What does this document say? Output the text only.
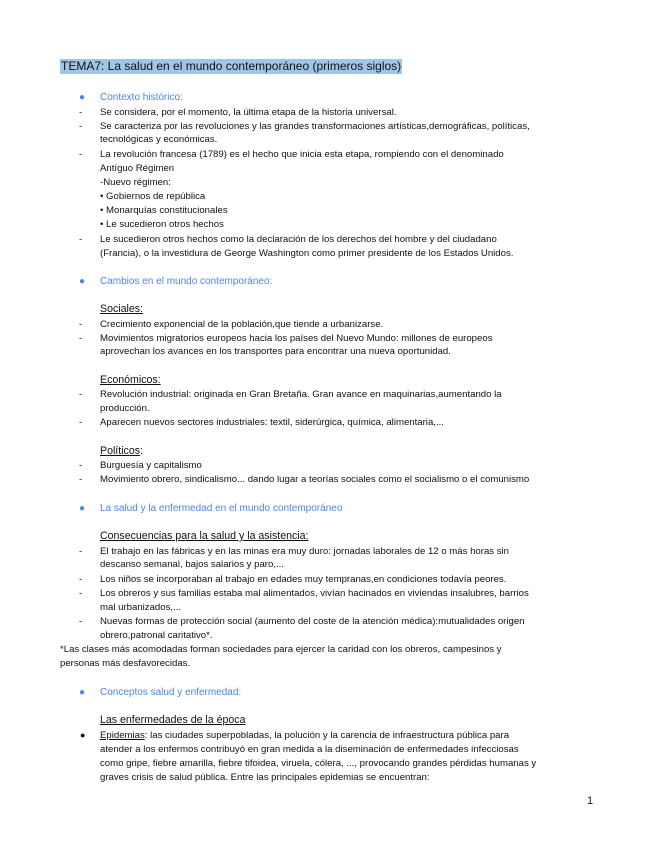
TEMA7: La salud en el mundo contemporáneo (primeros siglos)
● Contexto histórico:
- Se considera, por el momento, la última etapa de la historia universal.
- Se caracteriza por las revoluciones y las grandes transformaciones artísticas,demográficas, políticas,
tecnológicas y económicas.
- La revolución francesa (1789) es el hecho que inicia esta etapa, rompiendo con el denominado
Antíguo Régimen
-Nuevo régimen:
• Gobiernos de república
• Monarquías constitucionales
• Le sucedieron otros hechos
- Le sucedieron otros hechos como la declaración de los derechos del hombre y del ciudadano
(Francia), o la investidura de George Washington como primer presidente de los Estados Unidos.
● Cambios en el mundo contemporáneo:
Sociales:
- Crecimiento exponencial de la población,que tiende a urbanizarse.
- Movimientos migratorios europeos hacia los países del Nuevo Mundo: millones de europeos
aprovechan los avances en los transportes para encontrar una nueva oportunidad.
Económicos:
- Revolución industrial: originada en Gran Bretaña. Gran avance en maquinarias,aumentando la
producción.
- Aparecen nuevos sectores industriales: textil, siderúrgica, química, alimentaria,...
Políticos:
- Burguesía y capitalismo
- Movimiento obrero, sindicalismo... dando lugar a teorías sociales como el socialismo o el comunismo
● La salud y la enfermedad en el mundo contemporáneo
Consecuencias para la salud y la asistencia:
- El trabajo en las fábricas y en las minas era muy duro: jornadas laborales de 12 o más horas sin
descanso semanal, bajos salarios y paro,...
- Los niños se incorporaban al trabajo en edades muy tempranas,en condiciones todavía peores.
- Los obreros y sus familias estaba mal alimentados, vivían hacinados en viviendas insalubres, barrios
mal urbanizados,...
- Nuevas formas de protección social (aumento del coste de la atención médica):mutualidades origen
obrero,patronal caritativo*.
*Las clases más acomodadas forman sociedades para ejercer la caridad con los obreros, campesinos y
personas más desfavorecidas.
● Conceptos salud y enfermedad:
Las enfermedades de la época
● Epidemias: las ciudades superpobladas, la polución y la carencia de infraestructura pública para
atender a los enfermos contribuyó en gran medida a la diseminación de enfermedades infecciosas
como gripe, fiebre amarilla, fiebre tifoidea, viruela, cólera, ..., provocando grandes pérdidas humanas y
graves crisis de salud pública. Entre las principales epidemias se encuentran:
1
